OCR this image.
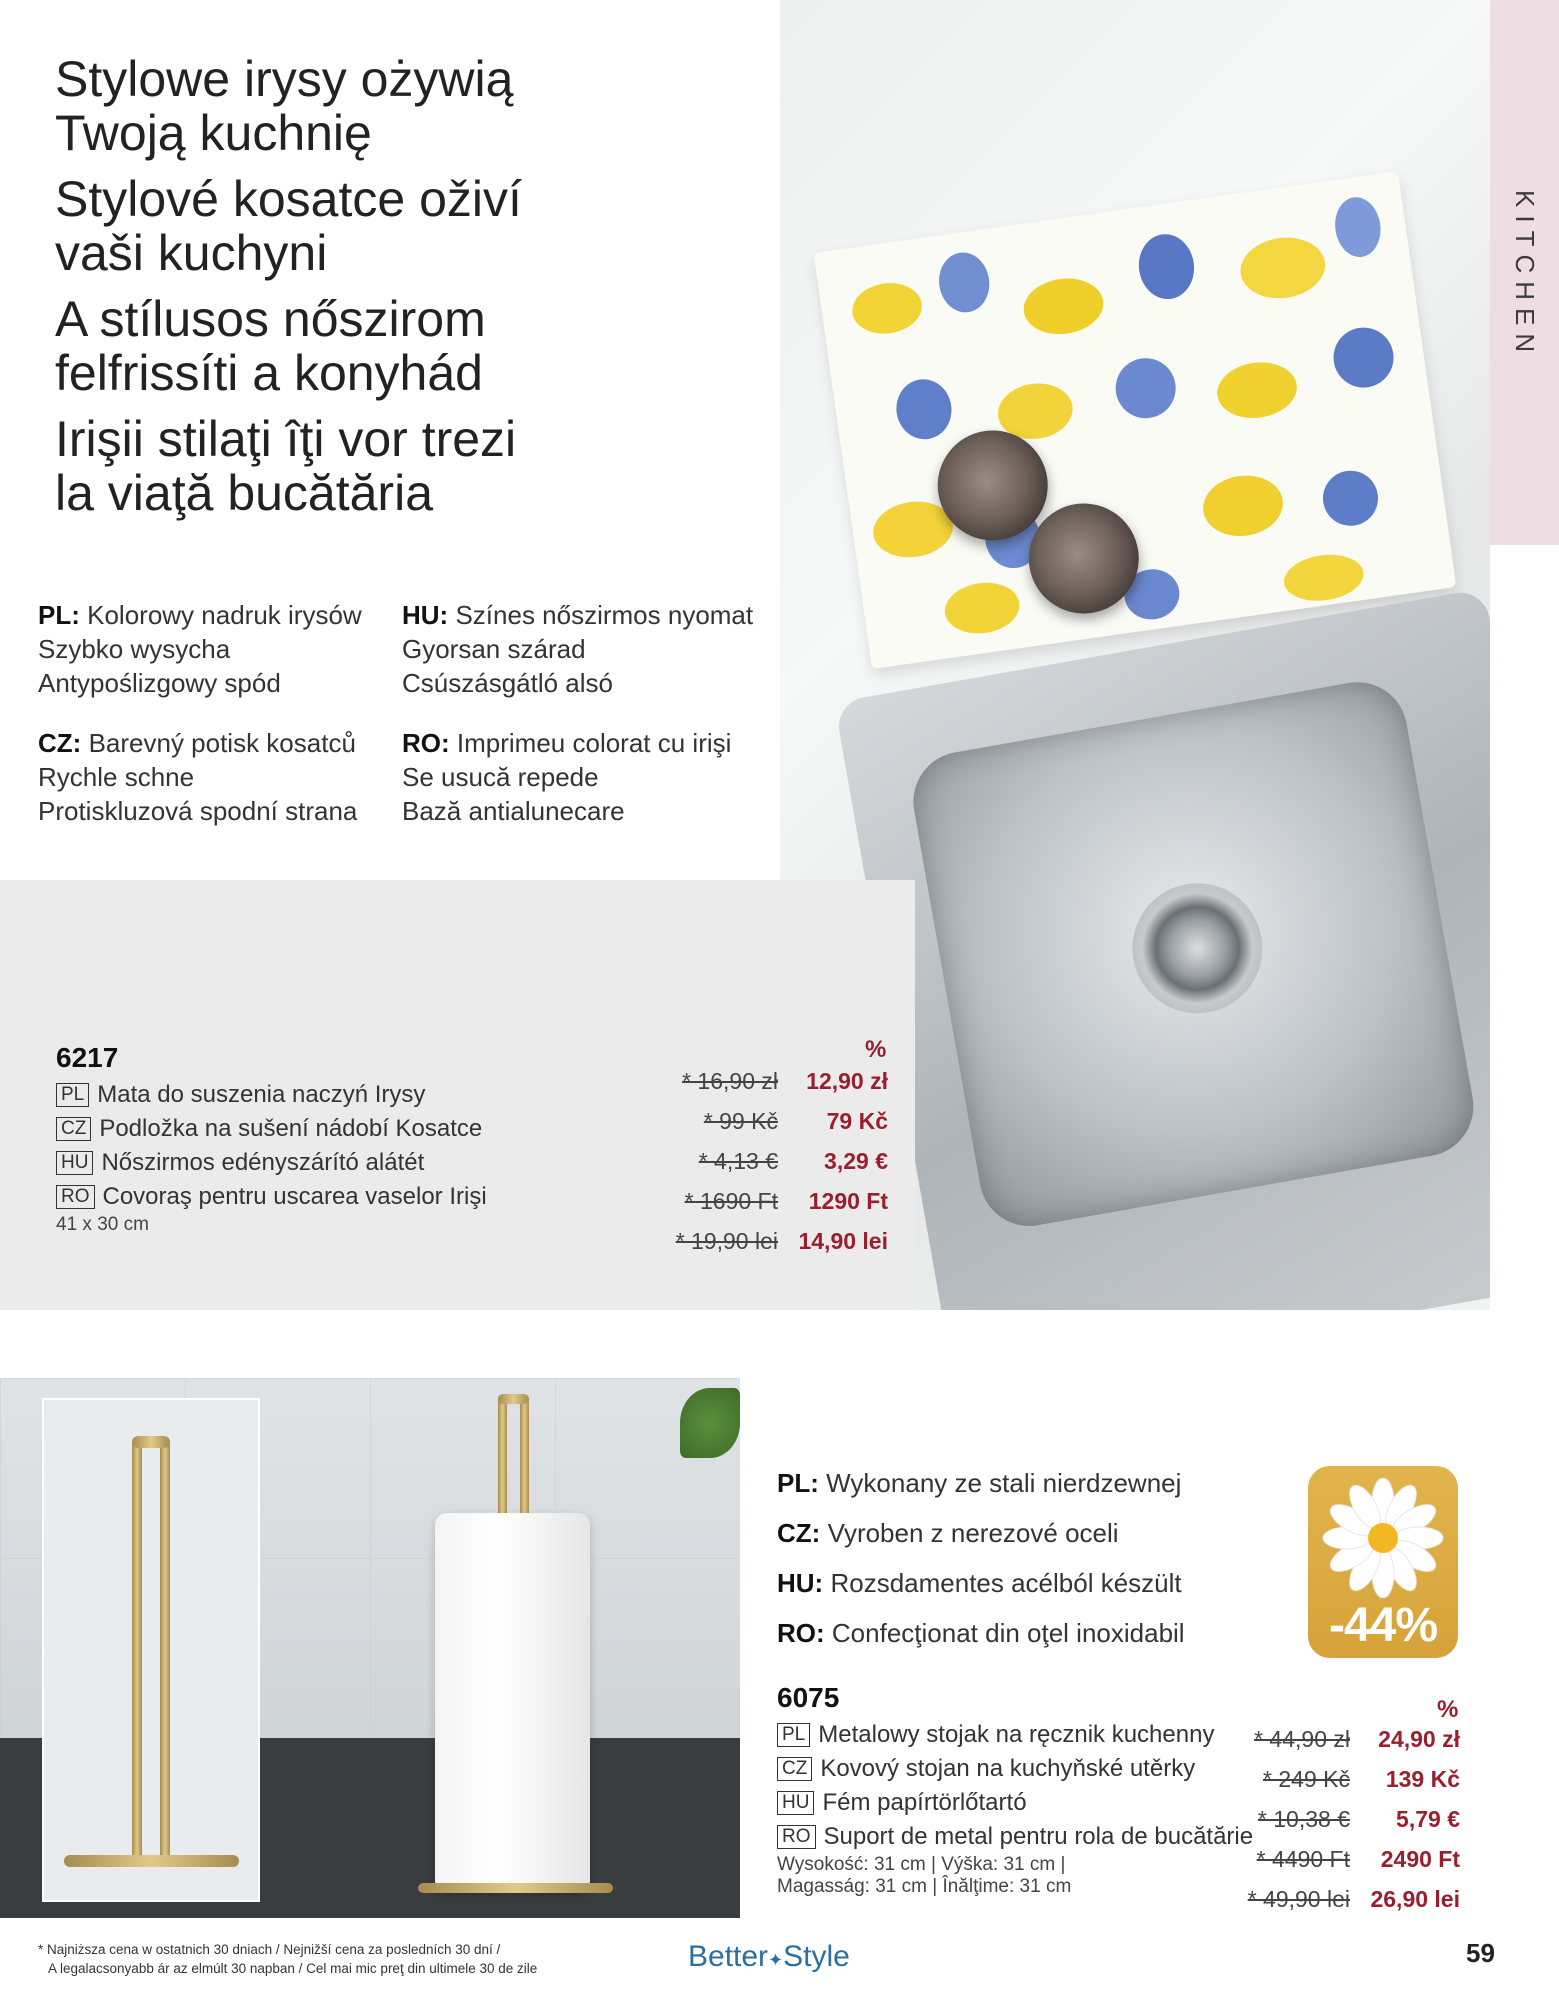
Stylowe irysy ożywią
Twoją kuchnię
Stylové kosatce oživí
vaši kuchyni
A stílusos nőszirom
felfrissíti a konyhád
Irişii stilaţi îţi vor trezi
la viaţă bucătăria
PL: Kolorowy nadruk irysów
Szybko wysycha
Antypoślizgowy spód
HU: Színes nőszirmos nyomat
Gyorsan szárad
Csúszásgátló alsó
CZ: Barevný potisk kosatců
Rychle schne
Protiskluzová spodní strana
RO: Imprimeu colorat cu irişi
Se usucă repede
Bază antialunecare
KITCHEN
6217
PL Mata do suszenia naczyń Irysy
CZ Podložka na sušení nádobí Kosatce
HU Nőszirmos edényszárító alátét
RO Covoraş pentru uscarea vaselor Irişi
41 x 30 cm
%
* 16,90 zł 12,90 zł
* 99 Kč 79 Kč
* 4,13 € 3,29 €
* 1690 Ft 1290 Ft
* 19,90 lei 14,90 lei
PL: Wykonany ze stali nierdzewnej
CZ: Vyroben z nerezové oceli
HU: Rozsdamentes acélból készült
RO: Confecţionat din oţel inoxidabil	-44%
6075
PL Metalowy stojak na ręcznik kuchenny
CZ Kovový stojan na kuchyňské utěrky
HU Fém papírtörlőtartó
RO Suport de metal pentru rola de bucătărie
Wysokość: 31 cm | Výška: 31 cm |
Magasság: 31 cm | Înălţime: 31 cm
%
* 44,90 zł 24,90 zł
* 249 Kč 139 Kč
* 10,38 € 5,79 €
* 4490 Ft 2490 Ft
* 49,90 lei 26,90 lei
* Najniższa cena w ostatnich 30 dniach / Nejnižší cena za posledních 30 dní /
A legalacsonyabb ár az elmúlt 30 napban / Cel mai mic preţ din ultimele 30 de zile	Better✦Style	59
